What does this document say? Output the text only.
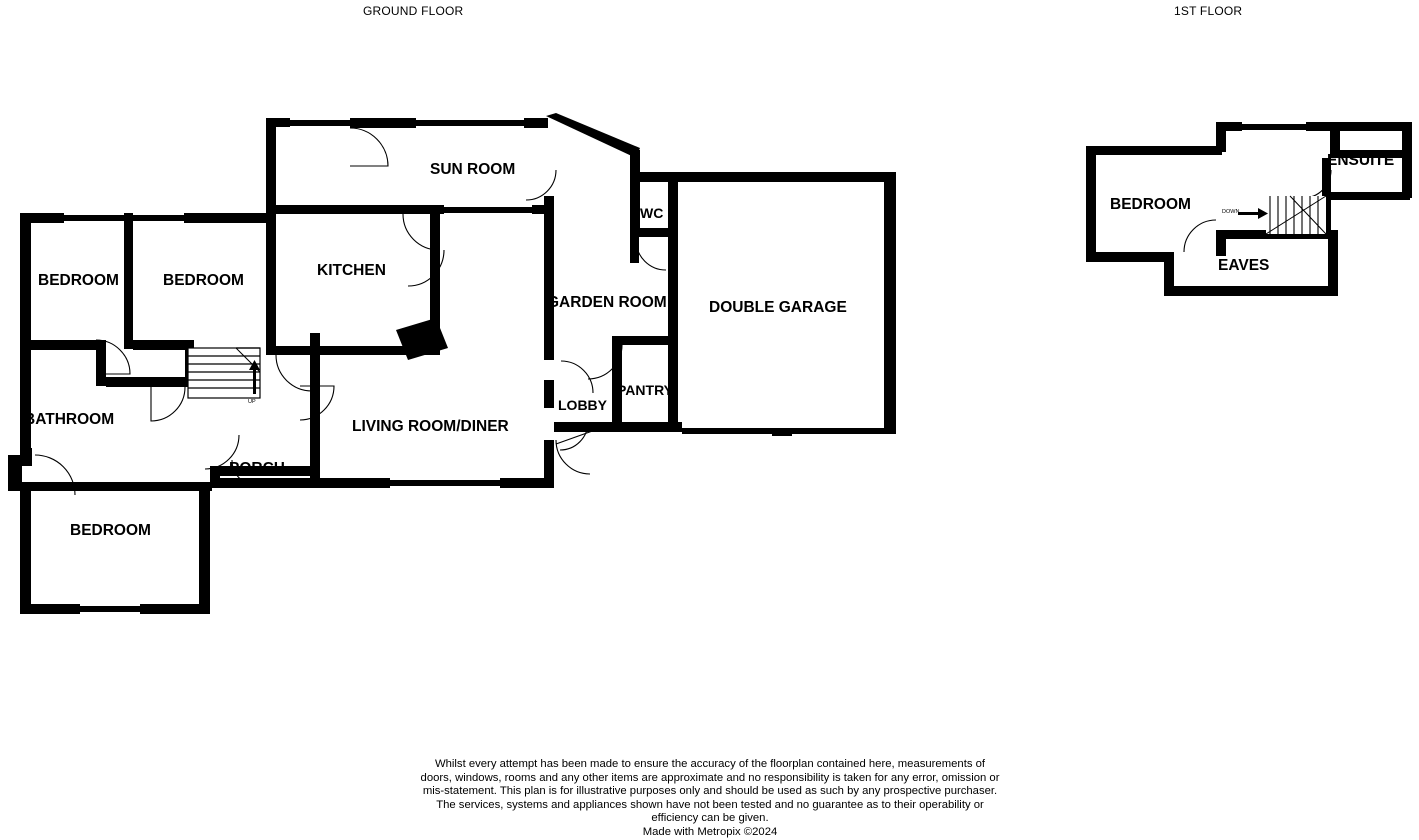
GROUND FLOOR	1ST FLOOR
BEDROOM	BEDROOM
KITCHEN
SUN ROOM
WC
GARDEN ROOM	DOUBLE GARAGE
PANTRY
LOBBY
LIVING ROOM/DINER
BATHROOM
PORCH
BEDROOM
BEDROOM
ENSUITE
EAVES
UP
DOWN
Whilst every attempt has been made to ensure the accuracy of the floorplan contained here, measurements of doors, windows, rooms and any other items are approximate and no responsibility is taken for any error, omission or mis-statement. This plan is for illustrative purposes only and should be used as such by any prospective purchaser. The services, systems and appliances shown have not been tested and no guarantee as to their operability or efficiency can be given.
Made with Metropix ©2024
